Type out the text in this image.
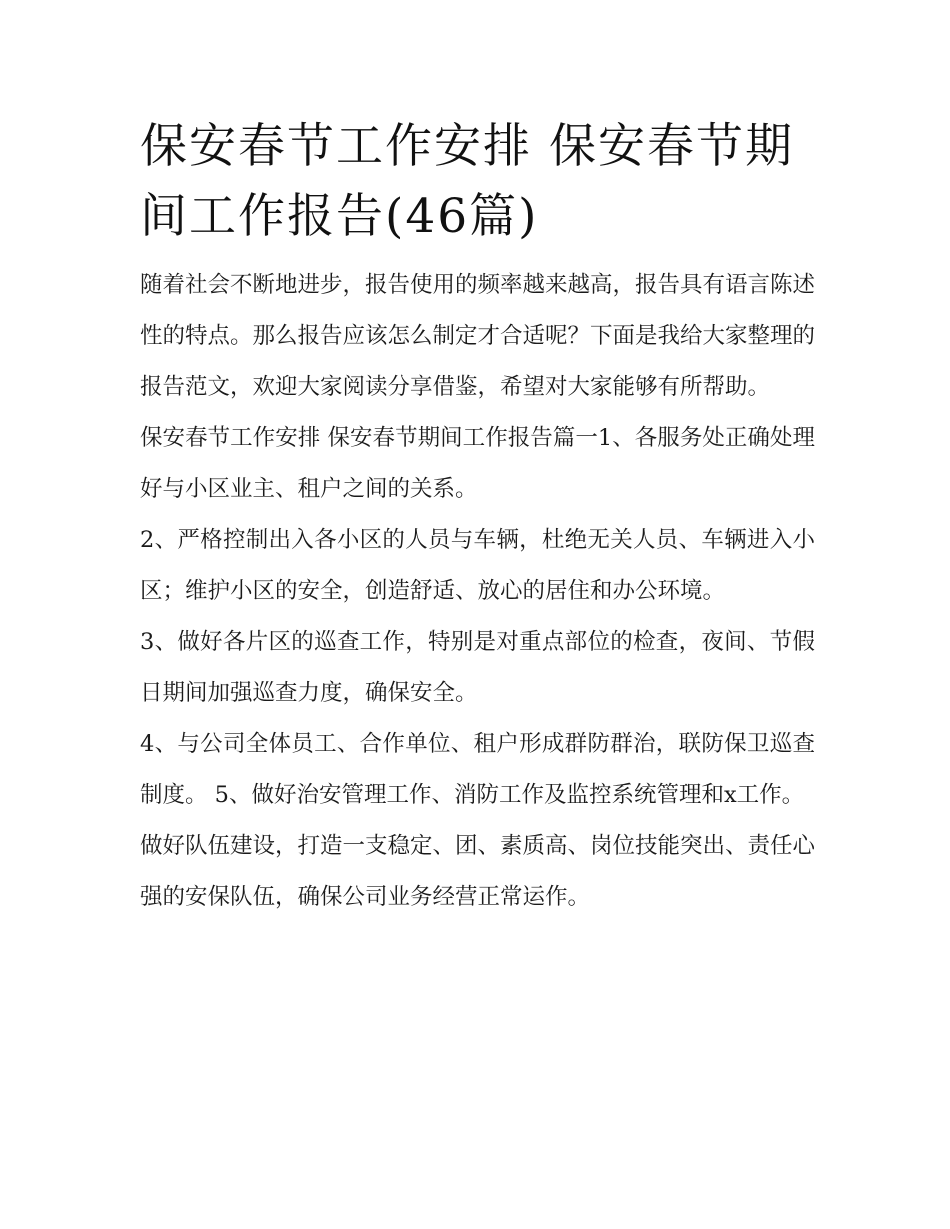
保安春节工作安排 保安春节期间工作报告(46篇)

随着社会不断地进步，报告使用的频率越来越高，报告具有语言陈述性的特点。那么报告应该怎么制定才合适呢？下面是我给大家整理的报告范文，欢迎大家阅读分享借鉴，希望对大家能够有所帮助。

保安春节工作安排 保安春节期间工作报告篇一1、各服务处正确处理好与小区业主、租户之间的关系。

2、严格控制出入各小区的人员与车辆，杜绝无关人员、车辆进入小区；维护小区的安全，创造舒适、放心的居住和办公环境。

3、做好各片区的巡查工作，特别是对重点部位的检查，夜间、节假日期间加强巡查力度，确保安全。

4、与公司全体员工、合作单位、租户形成群防群治，联防保卫巡查制度。 5、做好治安管理工作、消防工作及监控系统管理和x工作。

做好队伍建设，打造一支稳定、团、素质高、岗位技能突出、责任心强的安保队伍，确保公司业务经营正常运作。
